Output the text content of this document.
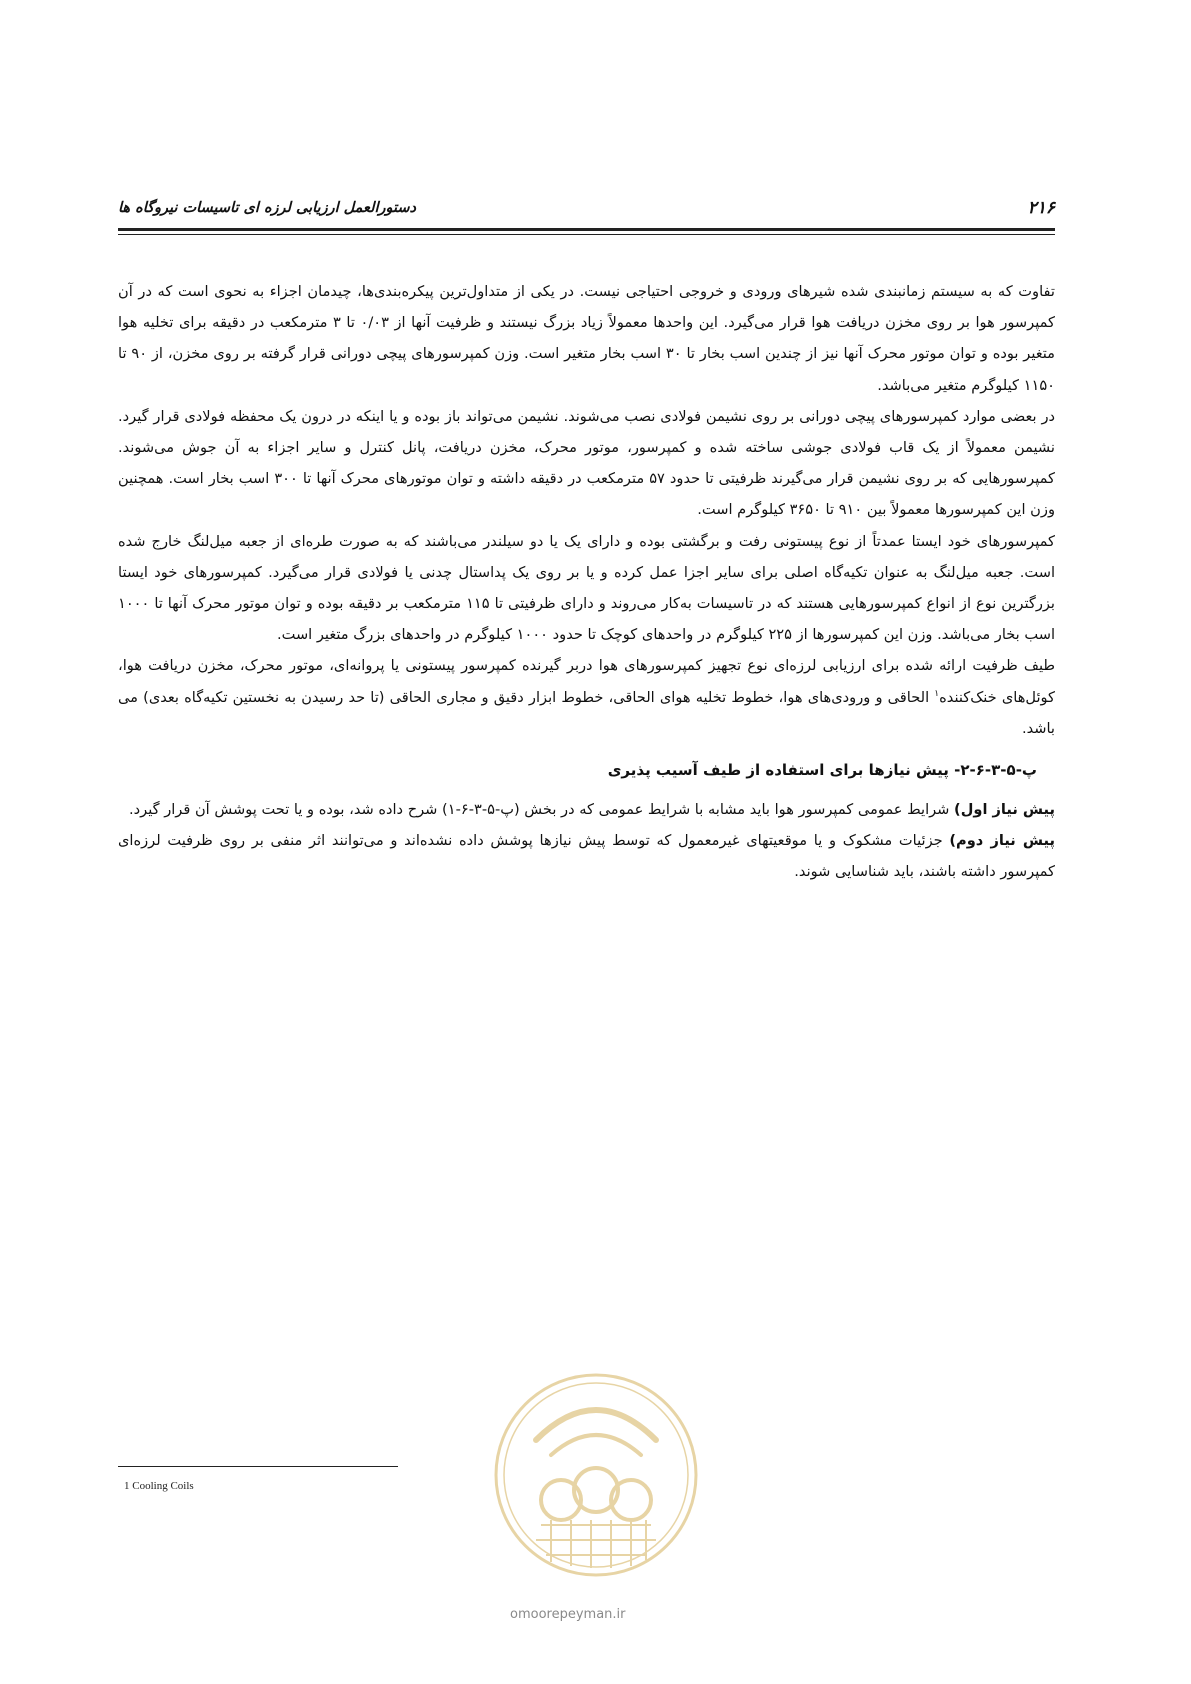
۲۱۶
دستورالعمل ارزیابی لرزه ای تاسیسات نیروگاه ها

تفاوت که به سیستم زمانبندی شده شیرهای ورودی و خروجی احتیاجی نیست. در یکی از متداول‌ترین پیکره‌بندی‌ها، چیدمان اجزاء به نحوی است که در آن کمپرسور هوا بر روی مخزن دریافت هوا قرار می‌گیرد. این واحدها معمولاً زیاد بزرگ نیستند و ظرفیت آنها از ۰/۰۳ تا ۳ مترمکعب در دقیقه برای تخلیه هوا متغیر بوده و توان موتور محرک آنها نیز از چندین اسب بخار تا ۳۰ اسب بخار متغیر است. وزن کمپرسورهای پیچی دورانی قرار گرفته بر روی مخزن، از ۹۰ تا ۱۱۵۰ کیلوگرم متغیر می‌باشد.

در بعضی موارد کمپرسورهای پیچی دورانی بر روی نشیمن فولادی نصب می‌شوند. نشیمن می‌تواند باز بوده و یا اینکه در درون یک محفظه فولادی قرار گیرد. نشیمن معمولاً از یک قاب فولادی جوشی ساخته شده و کمپرسور، موتور محرک، مخزن دریافت، پانل کنترل و سایر اجزاء به آن جوش می‌شوند. کمپرسورهایی که بر روی نشیمن قرار می‌گیرند ظرفیتی تا حدود ۵۷ مترمکعب در دقیقه داشته و توان موتورهای محرک آنها تا ۳۰۰ اسب بخار است. همچنین وزن این کمپرسورها معمولاً بین ۹۱۰ تا ۳۶۵۰ کیلوگرم است.

کمپرسورهای خود ایستا عمدتاً از نوع پیستونی رفت و برگشتی بوده و دارای یک یا دو سیلندر می‌باشند که به صورت طره‌ای از جعبه میل‌لنگ خارج شده است. جعبه میل‌لنگ به عنوان تکیه‌گاه اصلی برای سایر اجزا عمل کرده و یا بر روی یک پداستال چدنی یا فولادی قرار می‌گیرد. کمپرسورهای خود ایستا بزرگترین نوع از انواع کمپرسورهایی هستند که در تاسیسات به‌کار می‌روند و دارای ظرفیتی تا ۱۱۵ مترمکعب بر دقیقه بوده و توان موتور محرک آنها تا ۱۰۰۰ اسب بخار می‌باشد. وزن این کمپرسورها از ۲۲۵ کیلوگرم در واحدهای کوچک تا حدود ۱۰۰۰ کیلوگرم در واحدهای بزرگ متغیر است.

طیف ظرفیت ارائه شده برای ارزیابی لرزه‌ای نوع تجهیز کمپرسورهای هوا دربر گیرنده کمپرسور پیستونی یا پروانه‌ای، موتور محرک، مخزن دریافت هوا، کوئل‌های خنک‌کننده$^۱$ الحاقی و ورودی‌های هوا، خطوط تخلیه هوای الحاقی، خطوط ابزار دقیق و مجاری الحاقی (تا حد رسیدن به نخستین تکیه‌گاه بعدی) می باشد.

پ-۵-۳-۶-۲- پیش نیازها برای استفاده از طیف آسیب پذیری

پیش نیاز اول) شرایط عمومی کمپرسور هوا باید مشابه با شرایط عمومی که در بخش (پ-۵-۳-۶-۱) شرح داده شد، بوده و یا تحت پوشش آن قرار گیرد.

پیش نیاز دوم) جزئیات مشکوک و یا موقعیتهای غیرمعمول که توسط پیش نیازها پوشش داده نشده‌اند و می‌توانند اثر منفی بر روی ظرفیت لرزه‌ای کمپرسور داشته باشند، باید شناسایی شوند.

omoorepeyman.ir
1 Cooling Coils
